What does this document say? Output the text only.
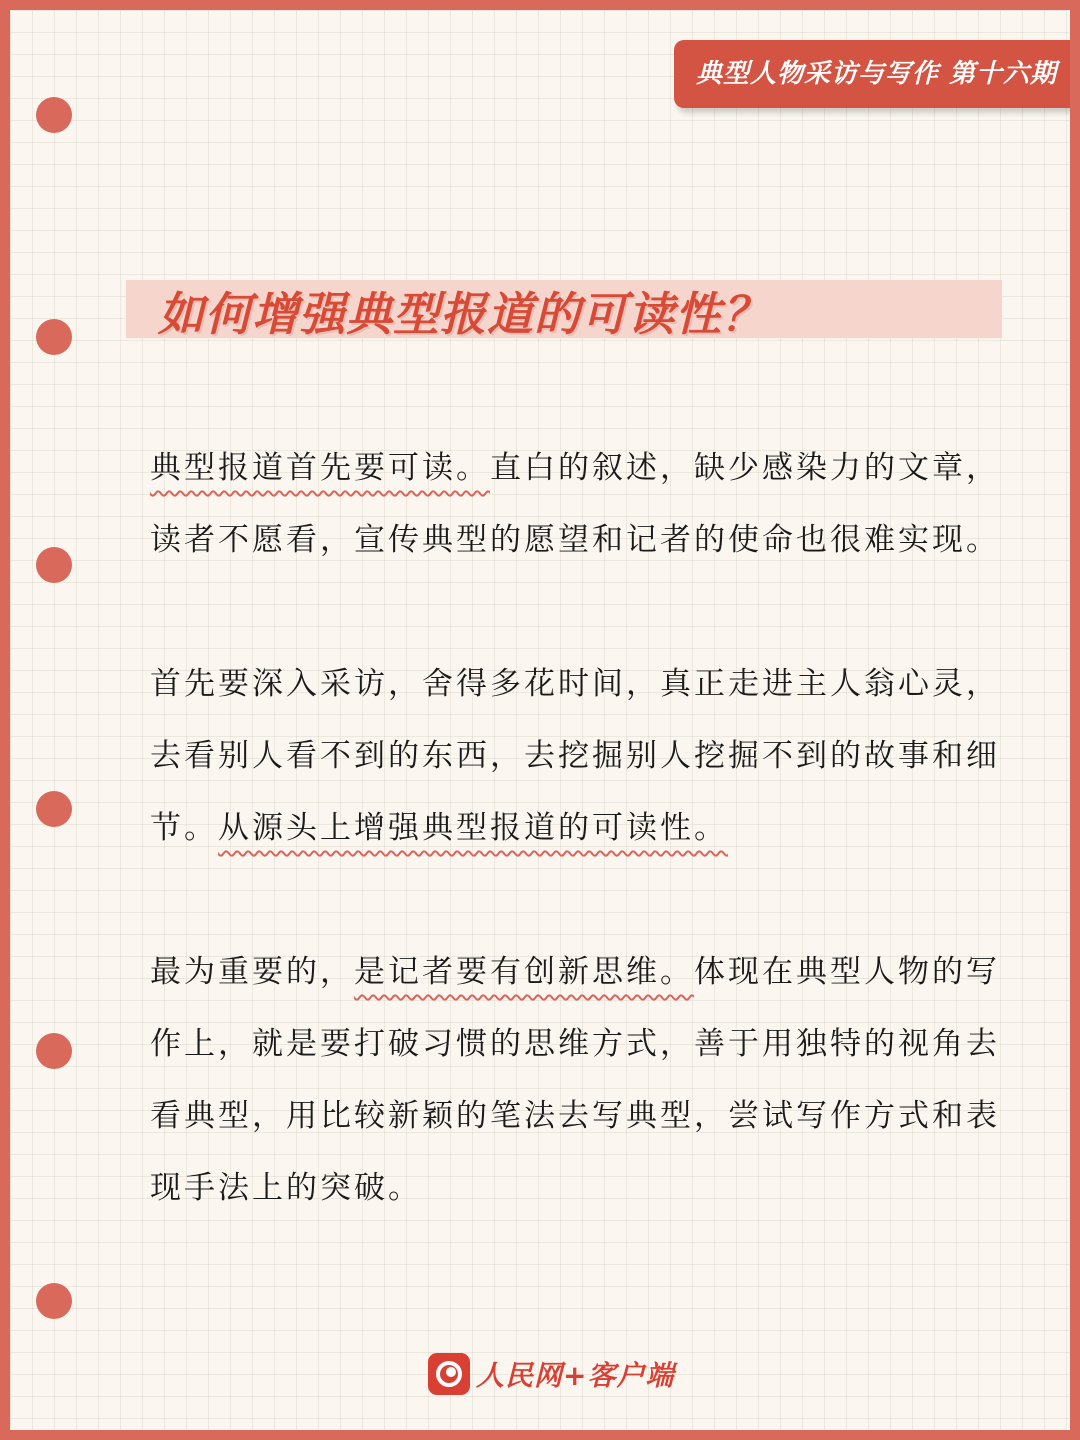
典型人物采访与写作 第十六期
如何增强典型报道的可读性？
典型报道首先要可读。直白的叙述，缺少感染力的文章，读者不愿看，宣传典型的愿望和记者的使命也很难实现。
首先要深入采访，舍得多花时间，真正走进主人翁心灵，去看别人看不到的东西，去挖掘别人挖掘不到的故事和细节。从源头上增强典型报道的可读性。
最为重要的，是记者要有创新思维。体现在典型人物的写作上，就是要打破习惯的思维方式，善于用独特的视角去看典型，用比较新颖的笔法去写典型，尝试写作方式和表现手法上的突破。
人民网+客户端
